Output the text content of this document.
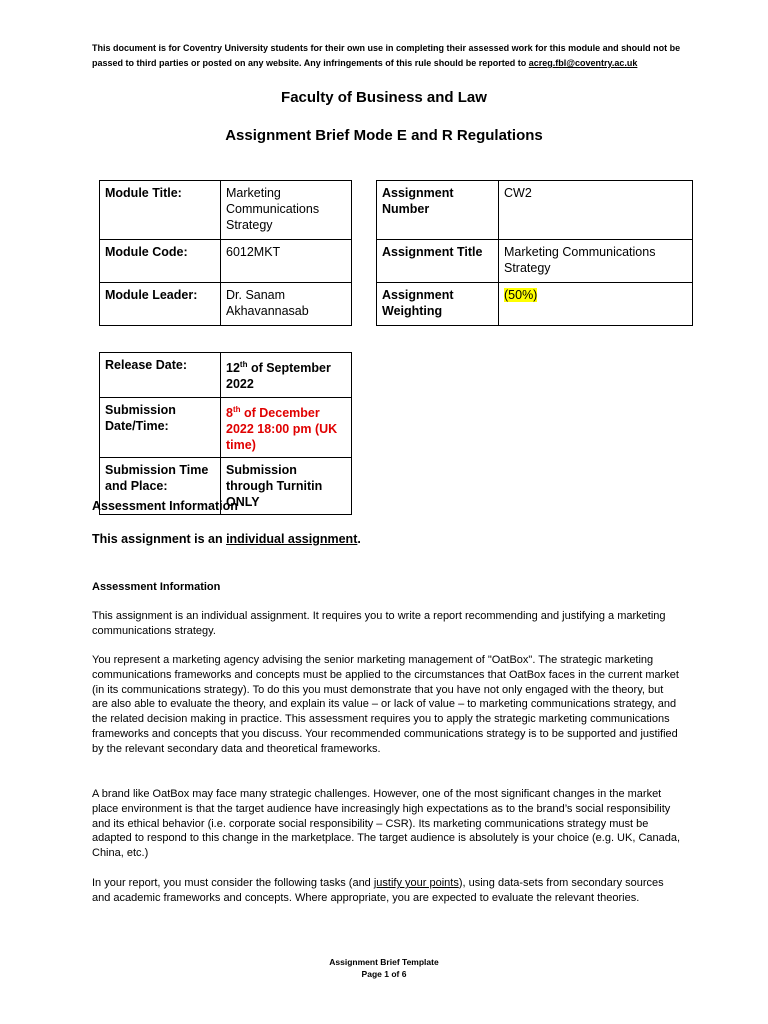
This document is for Coventry University students for their own use in completing their assessed work for this module and should not be passed to third parties or posted on any website. Any infringements of this rule should be reported to acreg.fbl@coventry.ac.uk
Faculty of Business and Law
Assignment Brief Mode E and R Regulations
Module Title:	Marketing Communications Strategy
Module Code:	6012MKT
Module Leader:	Dr. Sanam Akhavannasab
Assignment Number	CW2
Assignment Title	Marketing Communications Strategy
Assignment Weighting	(50%)
Release Date:	12th of September 2022
Submission Date/Time:	8th of December 2022 18:00 pm (UK time)
Submission Time and Place:	Submission through Turnitin ONLY
Assessment Information
This assignment is an individual assignment.
Assessment Information
This assignment is an individual assignment. It requires you to write a report recommending and justifying a marketing communications strategy.
You represent a marketing agency advising the senior marketing management of "OatBox". The strategic marketing communications frameworks and concepts must be applied to the circumstances that OatBox faces in the current market (in its communications strategy). To do this you must demonstrate that you have not only engaged with the theory, but are also able to evaluate the theory, and explain its value – or lack of value – to marketing communications strategy, and the related decision making in practice. This assessment requires you to apply the strategic marketing communications frameworks and concepts that you discuss. Your recommended communications strategy is to be supported and justified by the relevant secondary data and theoretical frameworks.
A brand like OatBox may face many strategic challenges. However, one of the most significant changes in the market place environment is that the target audience have increasingly high expectations as to the brand’s social responsibility and its ethical behavior (i.e. corporate social responsibility – CSR). Its marketing communications strategy must be adapted to respond to this change in the marketplace. The target audience is absolutely is your choice (e.g. UK, Canada, China, etc.)
In your report, you must consider the following tasks (and justify your points), using data-sets from secondary sources and academic frameworks and concepts. Where appropriate, you are expected to evaluate the relevant theories.
Assignment Brief Template
Page 1 of 6
